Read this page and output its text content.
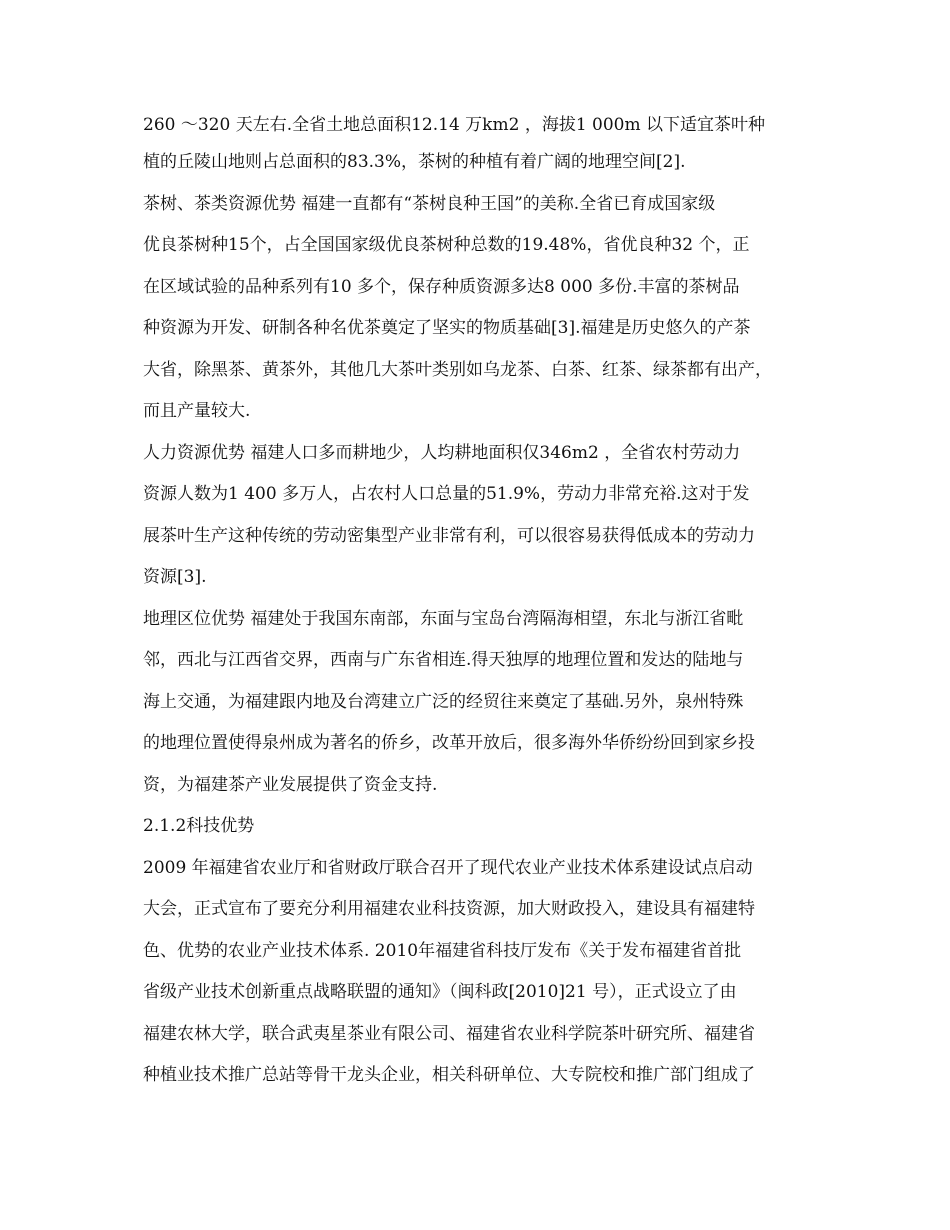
260 ～320 天左右.全省土地总面积12.14 万km2 ，海拔1 000m 以下适宜茶叶种
植的丘陵山地则占总面积的83.3%，茶树的种植有着广阔的地理空间[2].
茶树、茶类资源优势 福建一直都有“茶树良种王国”的美称.全省已育成国家级
优良茶树种15个，占全国国家级优良茶树种总数的19.48%，省优良种32 个，正
在区域试验的品种系列有10 多个，保存种质资源多达8 000 多份.丰富的茶树品
种资源为开发、研制各种名优茶奠定了坚实的物质基础[3].福建是历史悠久的产茶
大省，除黑茶、黄茶外，其他几大茶叶类别如乌龙茶、白茶、红茶、绿茶都有出产，
而且产量较大.
人力资源优势 福建人口多而耕地少，人均耕地面积仅346m2 ，全省农村劳动力
资源人数为1 400 多万人，占农村人口总量的51.9%，劳动力非常充裕.这对于发
展茶叶生产这种传统的劳动密集型产业非常有利，可以很容易获得低成本的劳动力
资源[3].
地理区位优势 福建处于我国东南部，东面与宝岛台湾隔海相望，东北与浙江省毗
邻，西北与江西省交界，西南与广东省相连.得天独厚的地理位置和发达的陆地与
海上交通，为福建跟内地及台湾建立广泛的经贸往来奠定了基础.另外，泉州特殊
的地理位置使得泉州成为著名的侨乡，改革开放后，很多海外华侨纷纷回到家乡投
资，为福建茶产业发展提供了资金支持.
2.1.2科技优势
2009 年福建省农业厅和省财政厅联合召开了现代农业产业技术体系建设试点启动
大会，正式宣布了要充分利用福建农业科技资源，加大财政投入，建设具有福建特
色、优势的农业产业技术体系. 2010年福建省科技厅发布《关于发布福建省首批
省级产业技术创新重点战略联盟的通知》（闽科政[2010]21 号），正式设立了由
福建农林大学，联合武夷星茶业有限公司、福建省农业科学院茶叶研究所、福建省
种植业技术推广总站等骨干龙头企业，相关科研单位、大专院校和推广部门组成了
